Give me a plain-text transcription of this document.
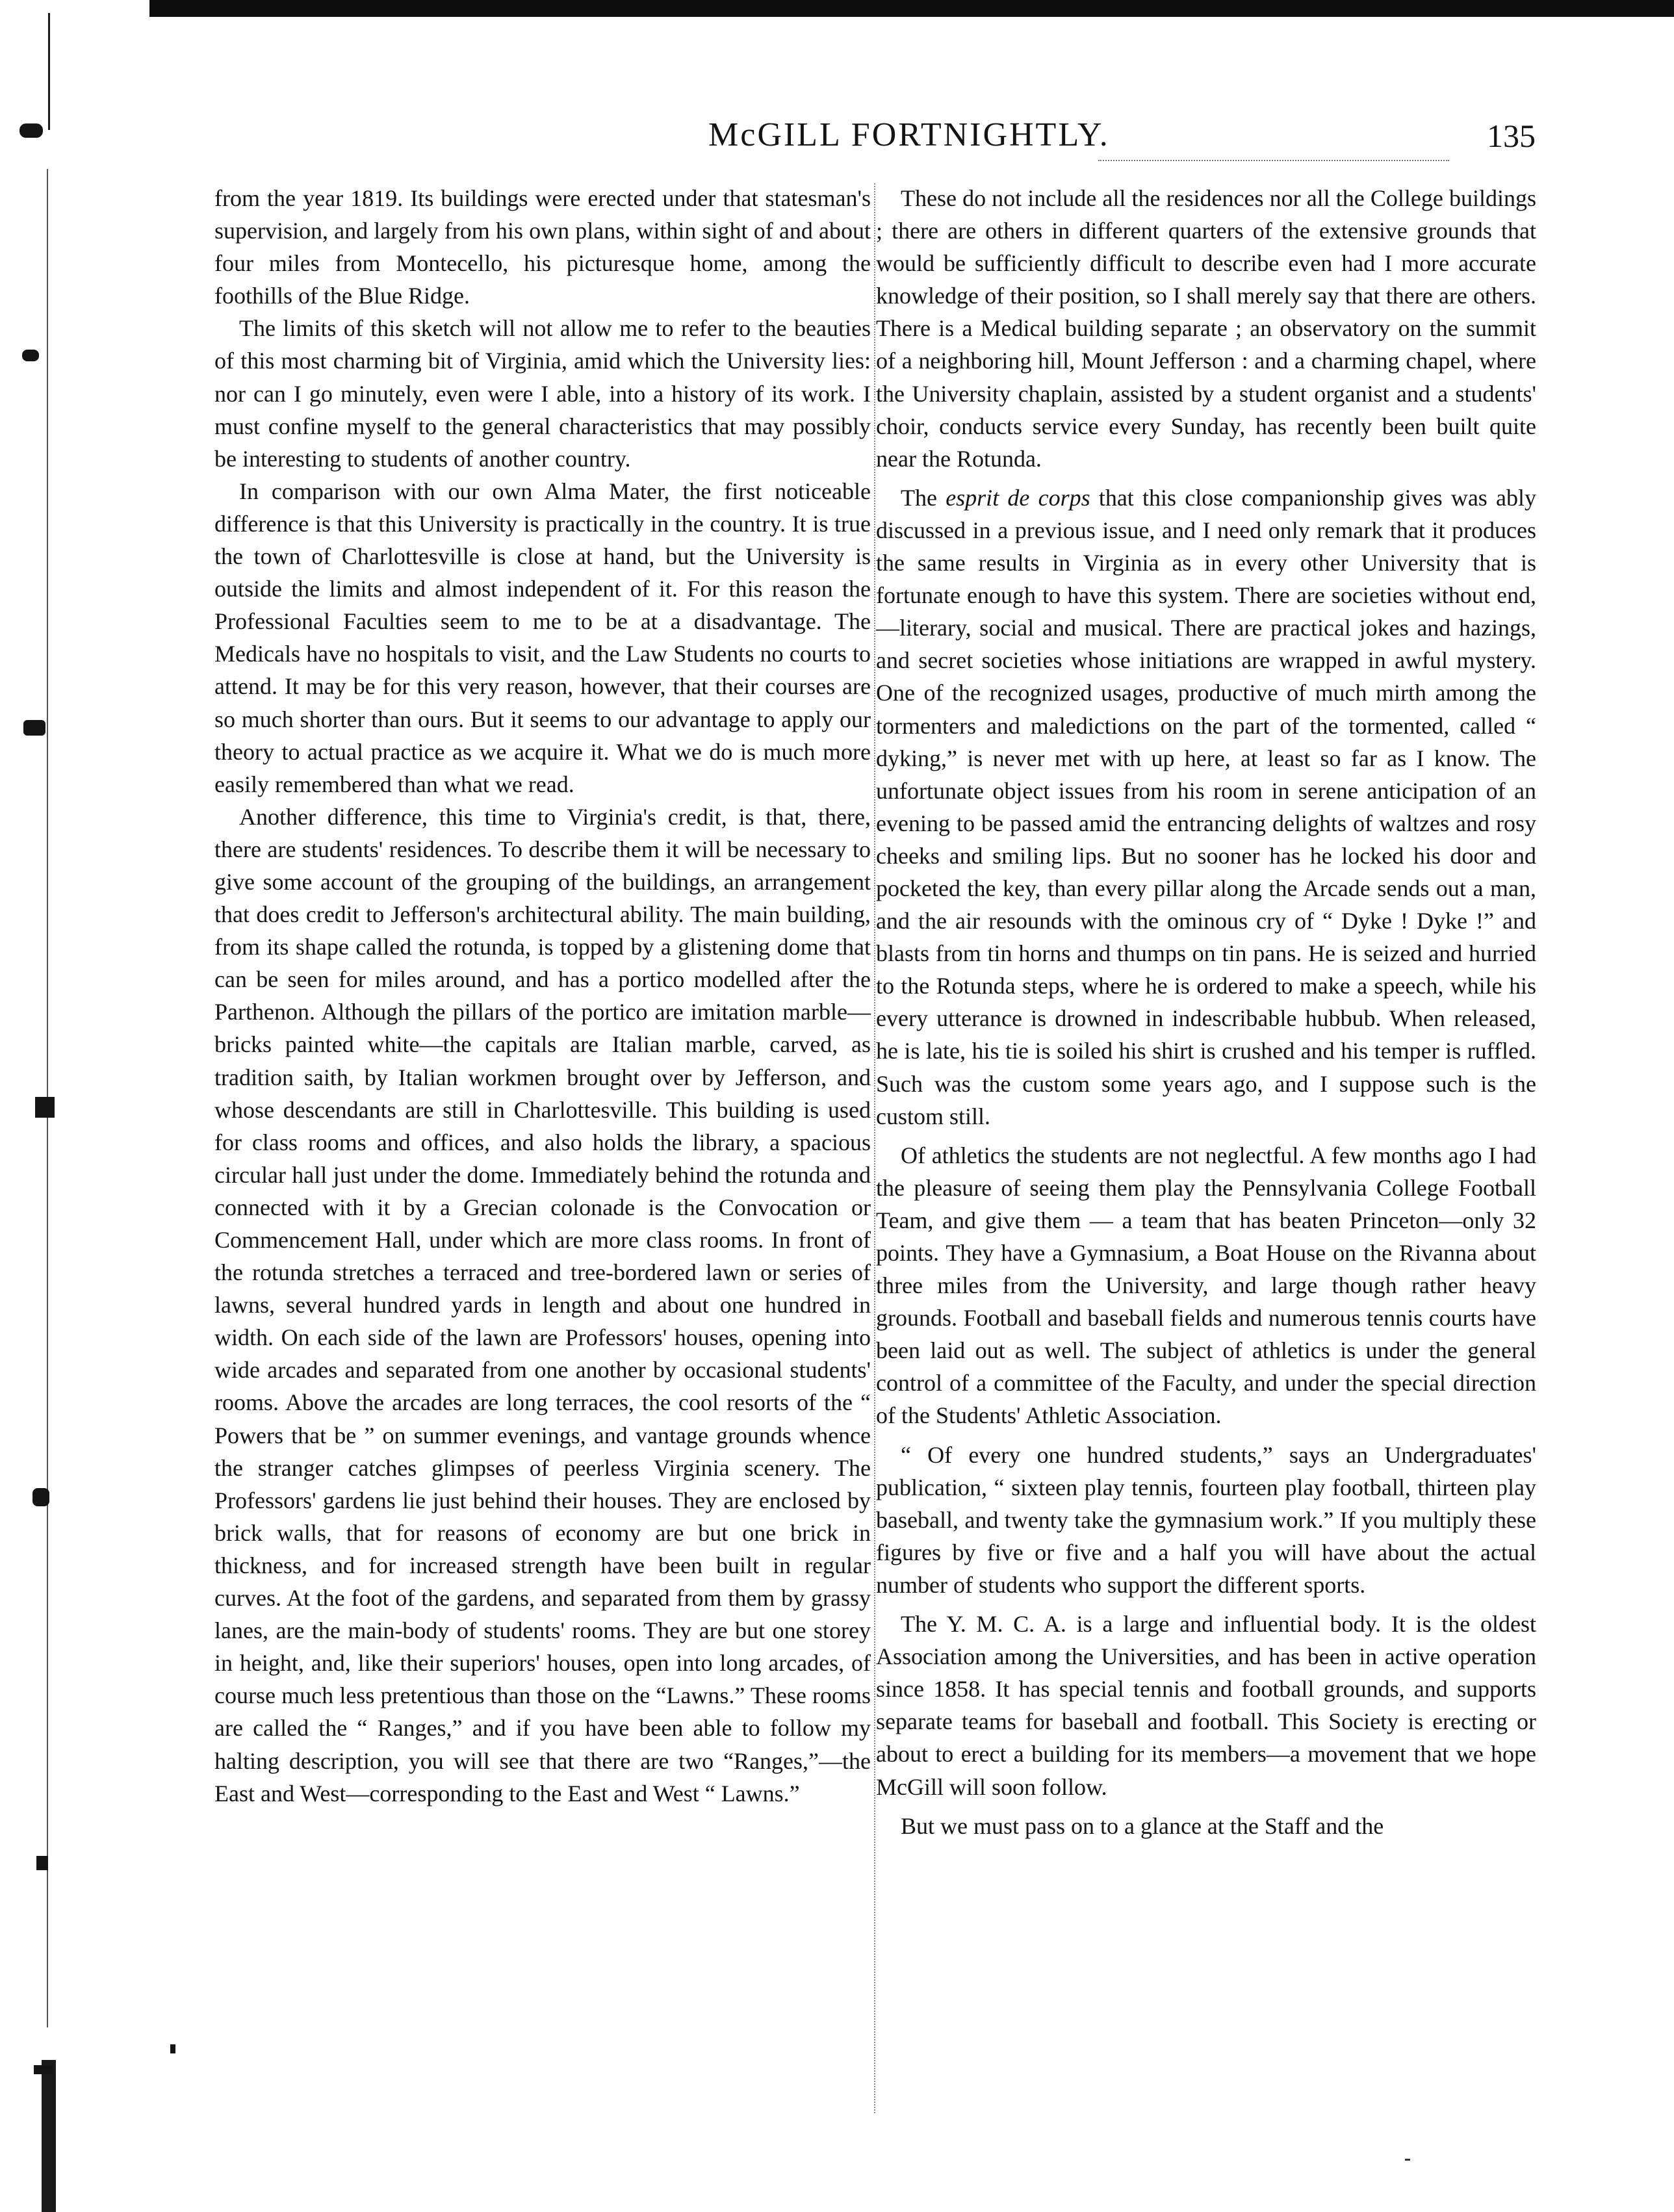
McGILL FORTNIGHTLY.	135

from the year 1819. Its buildings were erected under that statesman's supervision, and largely from his own plans, within sight of and about four miles from Montecello, his picturesque home, among the foothills of the Blue Ridge.

The limits of this sketch will not allow me to refer to the beauties of this most charming bit of Virginia, amid which the University lies: nor can I go minutely, even were I able, into a history of its work. I must confine myself to the general characteristics that may possibly be interesting to students of another country.

In comparison with our own Alma Mater, the first noticeable difference is that this University is practically in the country. It is true the town of Charlottesville is close at hand, but the University is outside the limits and almost independent of it. For this reason the Professional Faculties seem to me to be at a disadvantage. The Medicals have no hospitals to visit, and the Law Students no courts to attend. It may be for this very reason, however, that their courses are so much shorter than ours. But it seems to our advantage to apply our theory to actual practice as we acquire it. What we do is much more easily remembered than what we read.

Another difference, this time to Virginia's credit, is that, there, there are students' residences. To describe them it will be necessary to give some account of the grouping of the buildings, an arrangement that does credit to Jefferson's architectural ability. The main building, from its shape called the rotunda, is topped by a glistening dome that can be seen for miles around, and has a portico modelled after the Parthenon. Although the pillars of the portico are imitation marble—bricks painted white—the capitals are Italian marble, carved, as tradition saith, by Italian workmen brought over by Jefferson, and whose descendants are still in Charlottesville. This building is used for class rooms and offices, and also holds the library, a spacious circular hall just under the dome. Immediately behind the rotunda and connected with it by a Grecian colonade is the Convocation or Commencement Hall, under which are more class rooms. In front of the rotunda stretches a terraced and tree-bordered lawn or series of lawns, several hundred yards in length and about one hundred in width. On each side of the lawn are Professors' houses, opening into wide arcades and separated from one another by occasional students' rooms. Above the arcades are long terraces, the cool resorts of the “ Powers that be ” on summer evenings, and vantage grounds whence the stranger catches glimpses of peerless Virginia scenery. The Professors' gardens lie just behind their houses. They are enclosed by brick walls, that for reasons of economy are but one brick in thickness, and for increased strength have been built in regular curves. At the foot of the gardens, and separated from them by grassy lanes, are the main-body of students' rooms. They are but one storey in height, and, like their superiors' houses, open into long arcades, of course much less pretentious than those on the “Lawns.” These rooms are called the “ Ranges,” and if you have been able to follow my halting description, you will see that there are two “Ranges,”—the East and West—corresponding to the East and West “ Lawns.”

These do not include all the residences nor all the College buildings ; there are others in different quarters of the extensive grounds that would be sufficiently difficult to describe even had I more accurate knowledge of their position, so I shall merely say that there are others. There is a Medical building separate ; an observatory on the summit of a neighboring hill, Mount Jefferson : and a charming chapel, where the University chaplain, assisted by a student organist and a students' choir, conducts service every Sunday, has recently been built quite near the Rotunda.

The esprit de corps that this close companionship gives was ably discussed in a previous issue, and I need only remark that it produces the same results in Virginia as in every other University that is fortunate enough to have this system. There are societies without end,—literary, social and musical. There are practical jokes and hazings, and secret societies whose initiations are wrapped in awful mystery. One of the recognized usages, productive of much mirth among the tormenters and maledictions on the part of the tormented, called “ dyking,” is never met with up here, at least so far as I know. The unfortunate object issues from his room in serene anticipation of an evening to be passed amid the entrancing delights of waltzes and rosy cheeks and smiling lips. But no sooner has he locked his door and pocketed the key, than every pillar along the Arcade sends out a man, and the air resounds with the ominous cry of “ Dyke ! Dyke !” and blasts from tin horns and thumps on tin pans. He is seized and hurried to the Rotunda steps, where he is ordered to make a speech, while his every utterance is drowned in indescribable hubbub. When released, he is late, his tie is soiled his shirt is crushed and his temper is ruffled. Such was the custom some years ago, and I suppose such is the custom still.

Of athletics the students are not neglectful. A few months ago I had the pleasure of seeing them play the Pennsylvania College Football Team, and give them — a team that has beaten Princeton—only 32 points. They have a Gymnasium, a Boat House on the Rivanna about three miles from the University, and large though rather heavy grounds. Football and baseball fields and numerous tennis courts have been laid out as well. The subject of athletics is under the general control of a committee of the Faculty, and under the special direction of the Students' Athletic Association.

“ Of every one hundred students,” says an Undergraduates' publication, “ sixteen play tennis, fourteen play football, thirteen play baseball, and twenty take the gymnasium work.” If you multiply these figures by five or five and a half you will have about the actual number of students who support the different sports.

The Y. M. C. A. is a large and influential body. It is the oldest Association among the Universities, and has been in active operation since 1858. It has special tennis and football grounds, and supports separate teams for baseball and football. This Society is erecting or about to erect a building for its members—a movement that we hope McGill will soon follow.

But we must pass on to a glance at the Staff and the
